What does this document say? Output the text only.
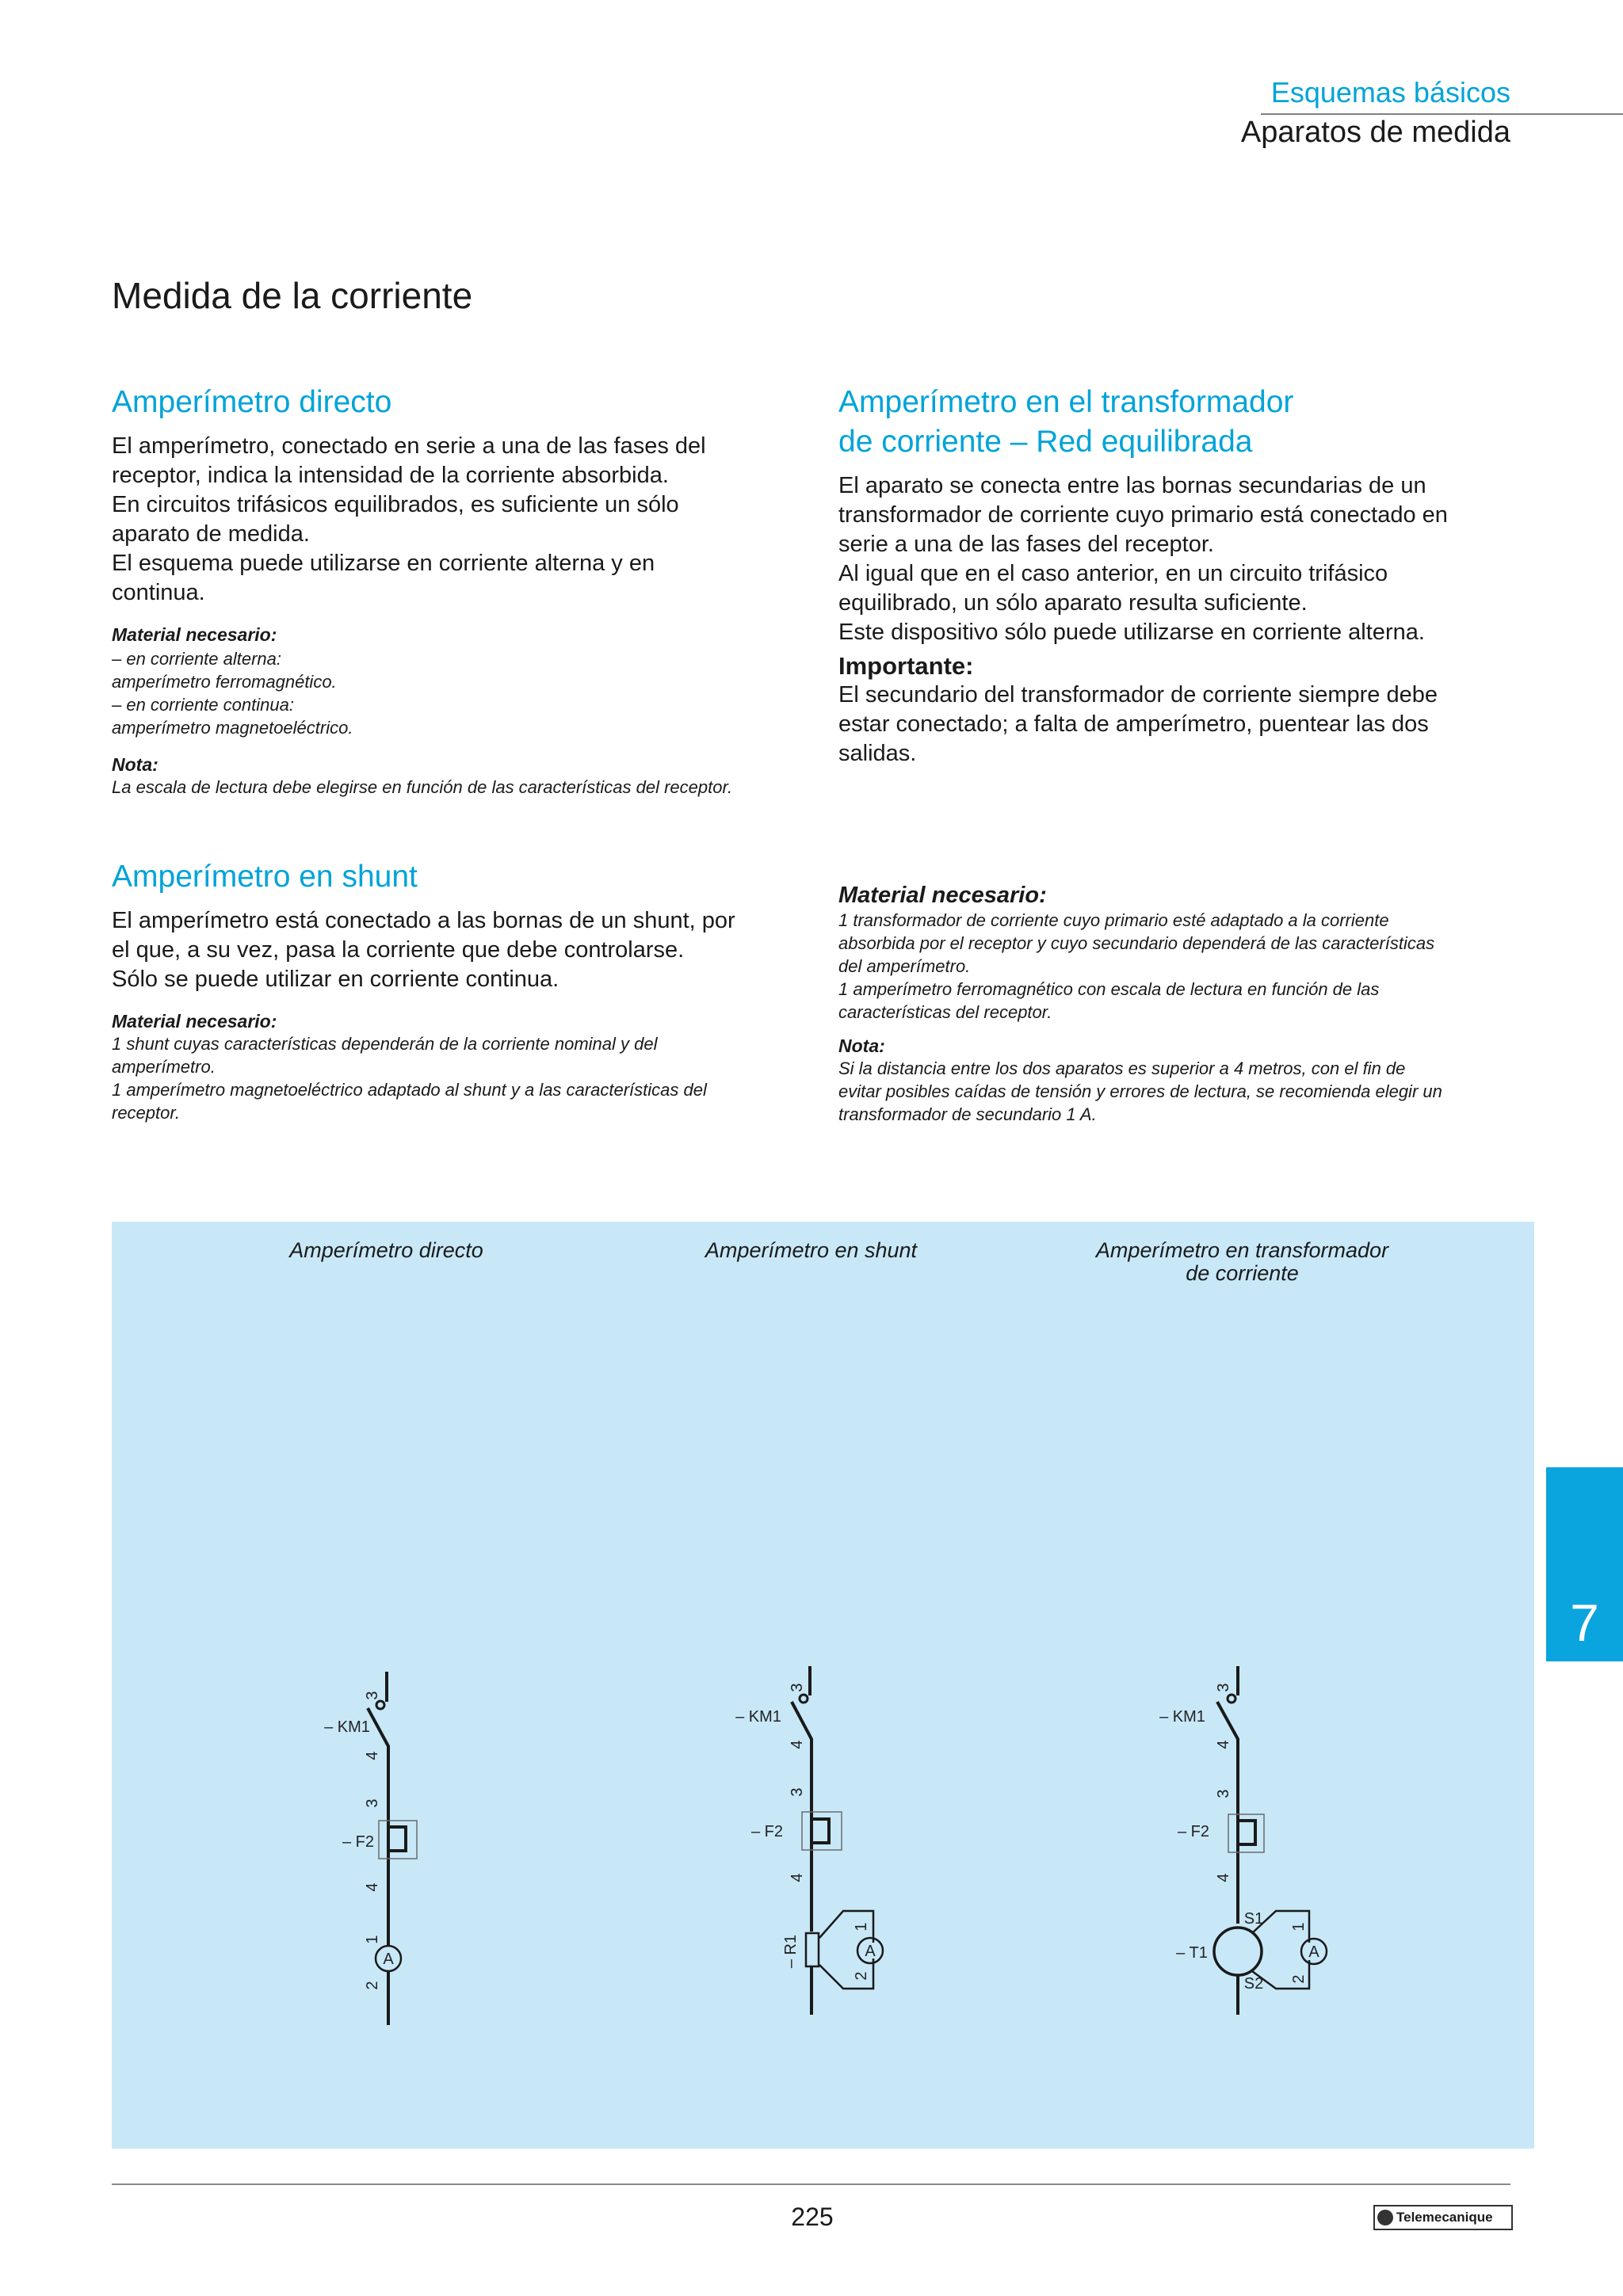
Esquemas básicos
Aparatos de medida
Medida de la corriente
Amperímetro directo
El amperímetro, conectado en serie a una de las fases del
receptor, indica la intensidad de la corriente absorbida.
En circuitos trifásicos equilibrados, es suficiente un sólo
aparato de medida.
El esquema puede utilizarse en corriente alterna y en
continua.
Material necesario:
– en corriente alterna:
amperímetro ferromagnético.
– en corriente continua:
amperímetro magnetoeléctrico.
Nota:
La escala de lectura debe elegirse en función de las características del receptor.
Amperímetro en el transformador
de corriente – Red equilibrada
El aparato se conecta entre las bornas secundarias de un
transformador de corriente cuyo primario está conectado en
serie a una de las fases del receptor.
Al igual que en el caso anterior, en un circuito trifásico
equilibrado, un sólo aparato resulta suficiente.
Este dispositivo sólo puede utilizarse en corriente alterna.
Importante:
El secundario del transformador de corriente siempre debe
estar conectado; a falta de amperímetro, puentear las dos
salidas.
Material necesario:
1 transformador de corriente cuyo primario esté adaptado a la corriente
absorbida por el receptor y cuyo secundario dependerá de las características
del amperímetro.
1 amperímetro ferromagnético con escala de lectura en función de las
características del receptor.
Nota:
Si la distancia entre los dos aparatos es superior a 4 metros, con el fin de
evitar posibles caídas de tensión y errores de lectura, se recomienda elegir un
transformador de secundario 1 A.
Amperímetro en shunt
El amperímetro está conectado a las bornas de un shunt, por
el que, a su vez, pasa la corriente que debe controlarse.
Sólo se puede utilizar en corriente continua.
Material necesario:
1 shunt cuyas características dependerán de la corriente nominal y del
amperímetro.
1 amperímetro magnetoeléctrico adaptado al shunt y a las características del
receptor.
Amperímetro directo	Amperímetro en shunt	Amperímetro en transformador
de corriente
– KM1
– F2
3
4
3
4
1
2
A
– KM1
– F2
3
4
3
4
– R1
1
2
A
– KM1
– F2
– T1
3
4
3
4
S1
S2
1
2
A
7
225	Telemecanique
